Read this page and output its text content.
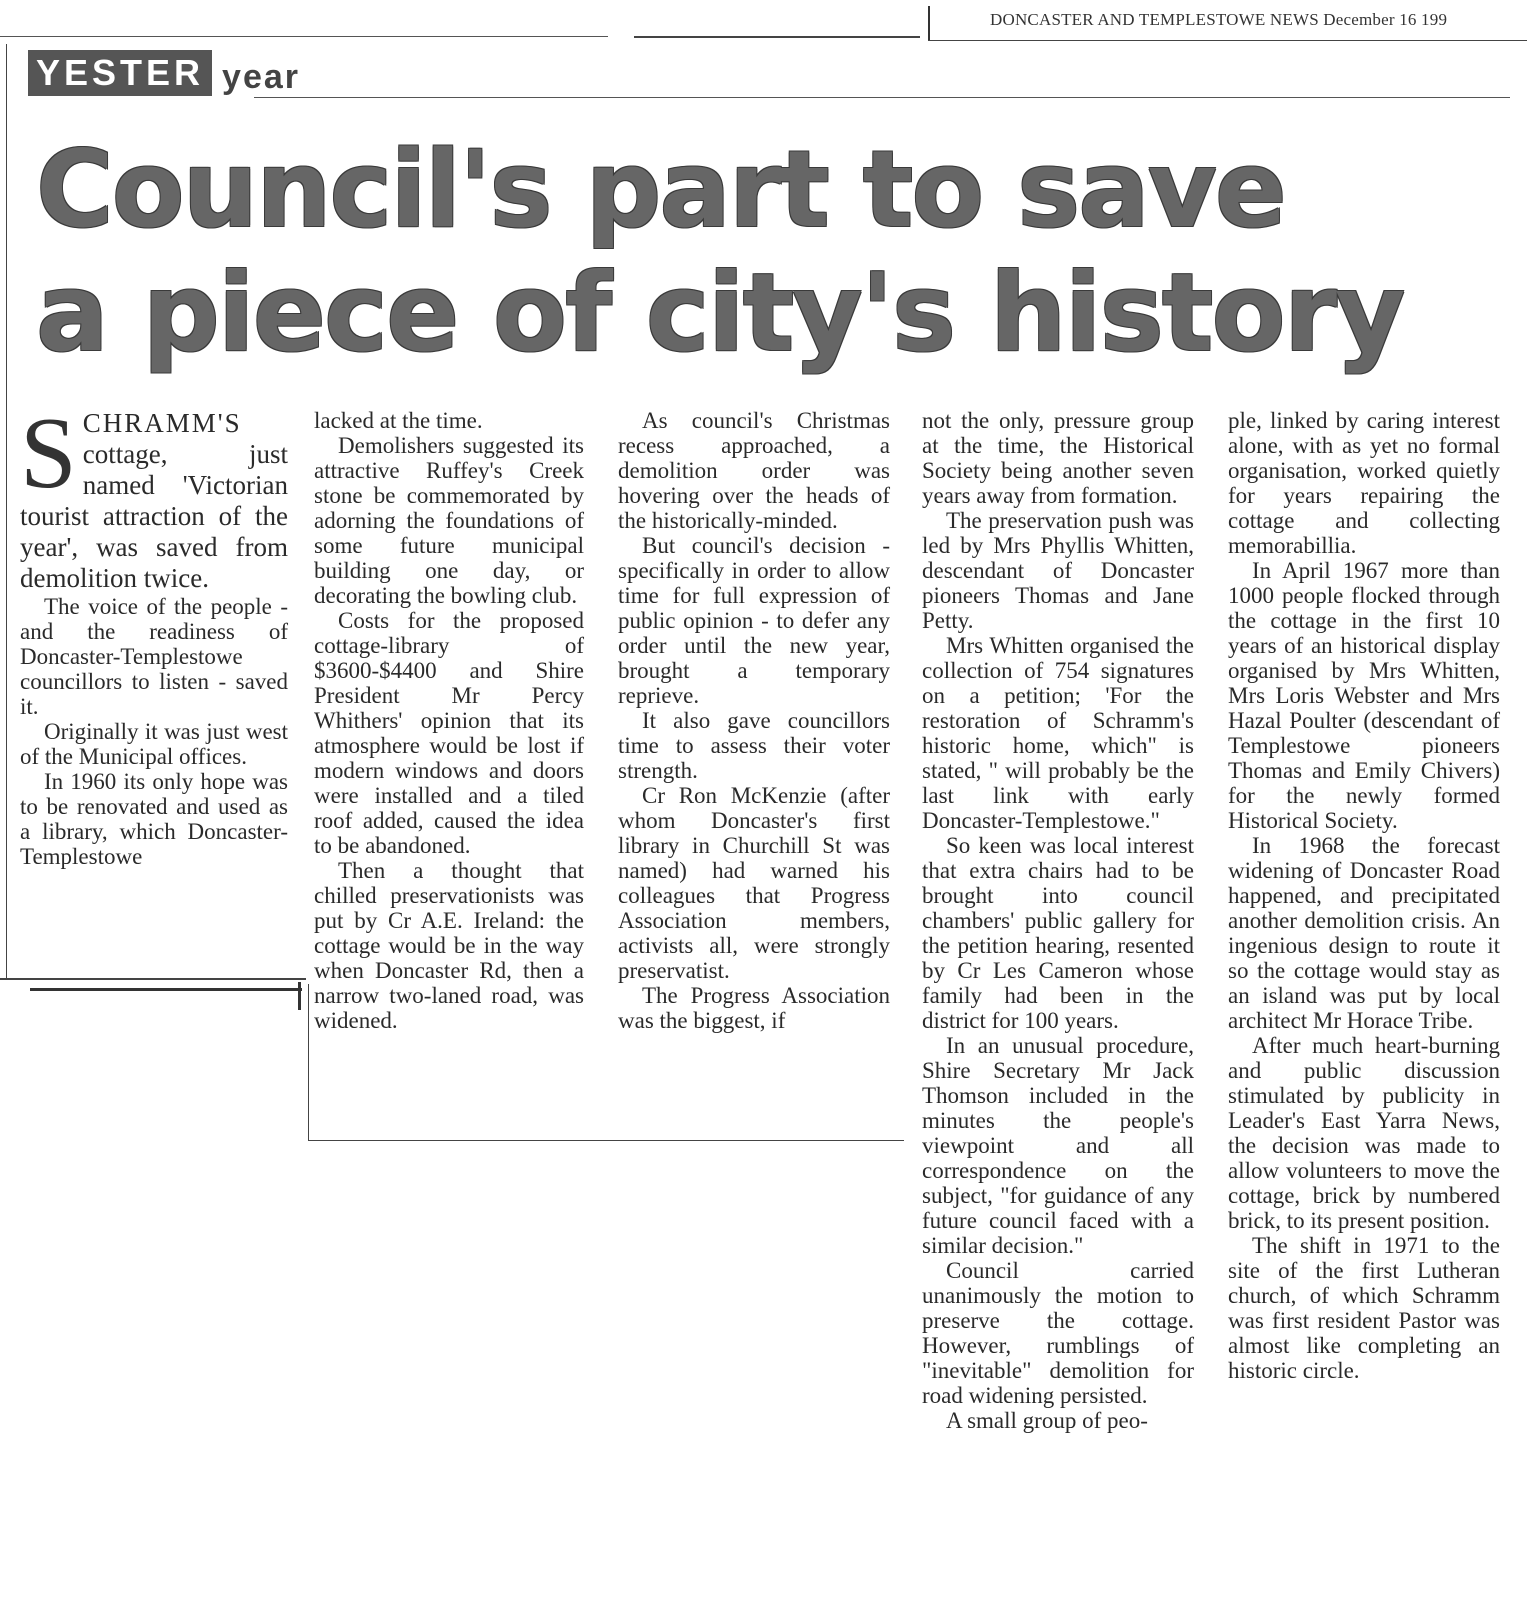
DONCASTER AND TEMPLESTOWE NEWS December 16 199
YESTER year
Council's part to save
a piece of city's history

SCHRAMM'S cottage, just named 'Victorian tourist attraction of the year', was saved from demolition twice.

The voice of the people - and the readiness of Doncaster-Templestowe councillors to listen - saved it.

Originally it was just west of the Municipal offices.

In 1960 its only hope was to be renovated and used as a library, which Doncaster-Templestowe

lacked at the time.

Demolishers suggested its attractive Ruffey's Creek stone be commemorated by adorning the foundations of some future municipal building one day, or decorating the bowling club.

Costs for the proposed cottage-library of $3600-$4400 and Shire President Mr Percy Whithers' opinion that its atmosphere would be lost if modern windows and doors were installed and a tiled roof added, caused the idea to be abandoned.

Then a thought that chilled preservationists was put by Cr A.E. Ireland: the cottage would be in the way when Doncaster Rd, then a narrow two-laned road, was widened.

As council's Christmas recess approached, a demolition order was hovering over the heads of the historically-minded.

But council's decision - specifically in order to allow time for full expression of public opinion - to defer any order until the new year, brought a temporary reprieve.

It also gave councillors time to assess their voter strength.

Cr Ron McKenzie (after whom Doncaster's first library in Churchill St was named) had warned his colleagues that Progress Association members, activists all, were strongly preservatist.

The Progress Association was the biggest, if

not the only, pressure group at the time, the Historical Society being another seven years away from formation.

The preservation push was led by Mrs Phyllis Whitten, descendant of Doncaster pioneers Thomas and Jane Petty.

Mrs Whitten organised the collection of 754 signatures on a petition; 'For the restoration of Schramm's historic home, which" is stated, " will probably be the last link with early Doncaster-Templestowe."

So keen was local interest that extra chairs had to be brought into council chambers' public gallery for the petition hearing, resented by Cr Les Cameron whose family had been in the district for 100 years.

In an unusual procedure, Shire Secretary Mr Jack Thomson included in the minutes the people's viewpoint and all correspondence on the subject, "for guidance of any future council faced with a similar decision."

Council carried unanimously the motion to preserve the cottage. However, rumblings of "inevitable" demolition for road widening persisted.

A small group of peo-

ple, linked by caring interest alone, with as yet no formal organisation, worked quietly for years repairing the cottage and collecting memorabillia.

In April 1967 more than 1000 people flocked through the cottage in the first 10 years of an historical display organised by Mrs Whitten, Mrs Loris Webster and Mrs Hazal Poulter (descendant of Templestowe pioneers Thomas and Emily Chivers) for the newly formed Historical Society.

In 1968 the forecast widening of Doncaster Road happened, and precipitated another demolition crisis. An ingenious design to route it so the cottage would stay as an island was put by local architect Mr Horace Tribe.

After much heart-burning and public discussion stimulated by publicity in Leader's East Yarra News, the decision was made to allow volunteers to move the cottage, brick by numbered brick, to its present position.

The shift in 1971 to the site of the first Lutheran church, of which Schramm was first resident Pastor was almost like completing an historic circle.
